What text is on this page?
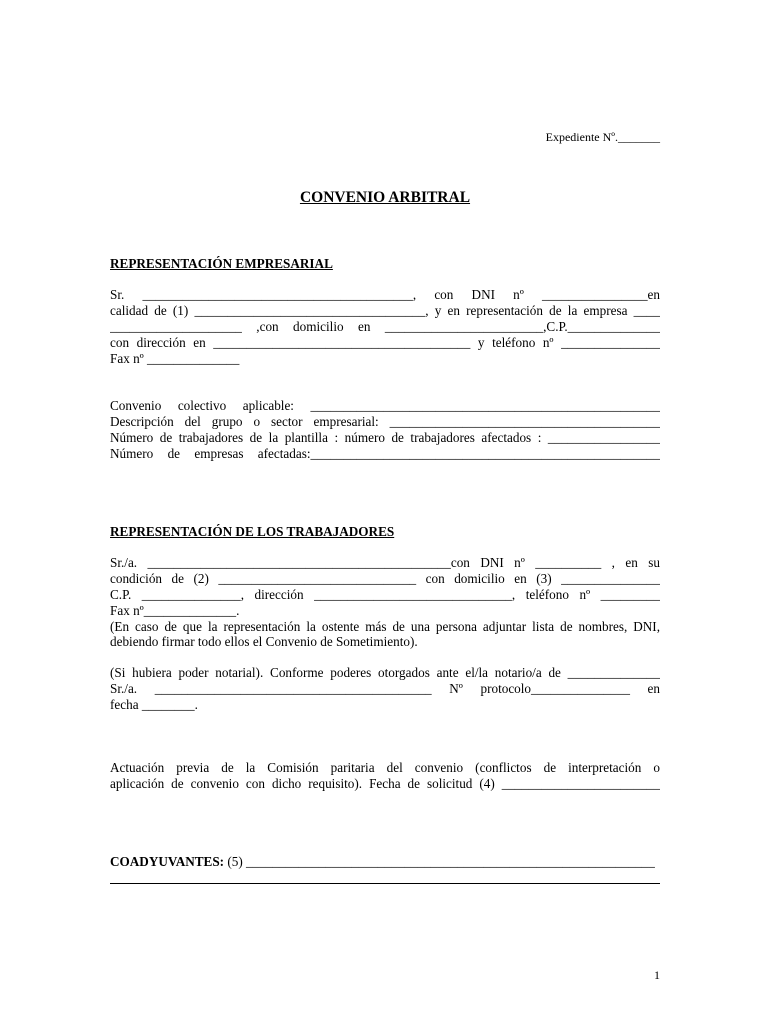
Expediente Nº._______
CONVENIO ARBITRAL
REPRESENTACIÓN EMPRESARIAL
Sr. _________________________________________, con DNI nº ________________en
calidad de (1) ___________________________________, y en representación de la empresa ____
____________________ ,con domicilio en ________________________,C.P.______________
con dirección en _______________________________________ y teléfono nº _______________
Fax nº ______________
Convenio colectivo aplicable: _____________________________________________________
Descripción del grupo o sector empresarial: _________________________________________
Número de trabajadores de la plantilla : número de trabajadores afectados : _________________
Número de empresas afectadas:_____________________________________________________
REPRESENTACIÓN DE LOS TRABAJADORES
Sr./a. ______________________________________________con DNI nº __________ , en su
condición de (2) ______________________________ con domicilio en (3) _______________
C.P. _______________, dirección ______________________________, teléfono nº _________
Fax nº______________.
(En caso de que la representación la ostente más de una persona adjuntar lista de nombres, DNI,
debiendo firmar todo ellos el Convenio de Sometimiento).
(Si hubiera poder notarial). Conforme poderes otorgados ante el/la notario/a de ______________
Sr./a. __________________________________________ Nº protocolo_______________ en
fecha ________.
Actuación previa de la Comisión paritaria del convenio (conflictos de interpretación o
aplicación de convenio con dicho requisito). Fecha de solicitud (4) ________________________
COADYUVANTES: (5) ______________________________________________________________
1
